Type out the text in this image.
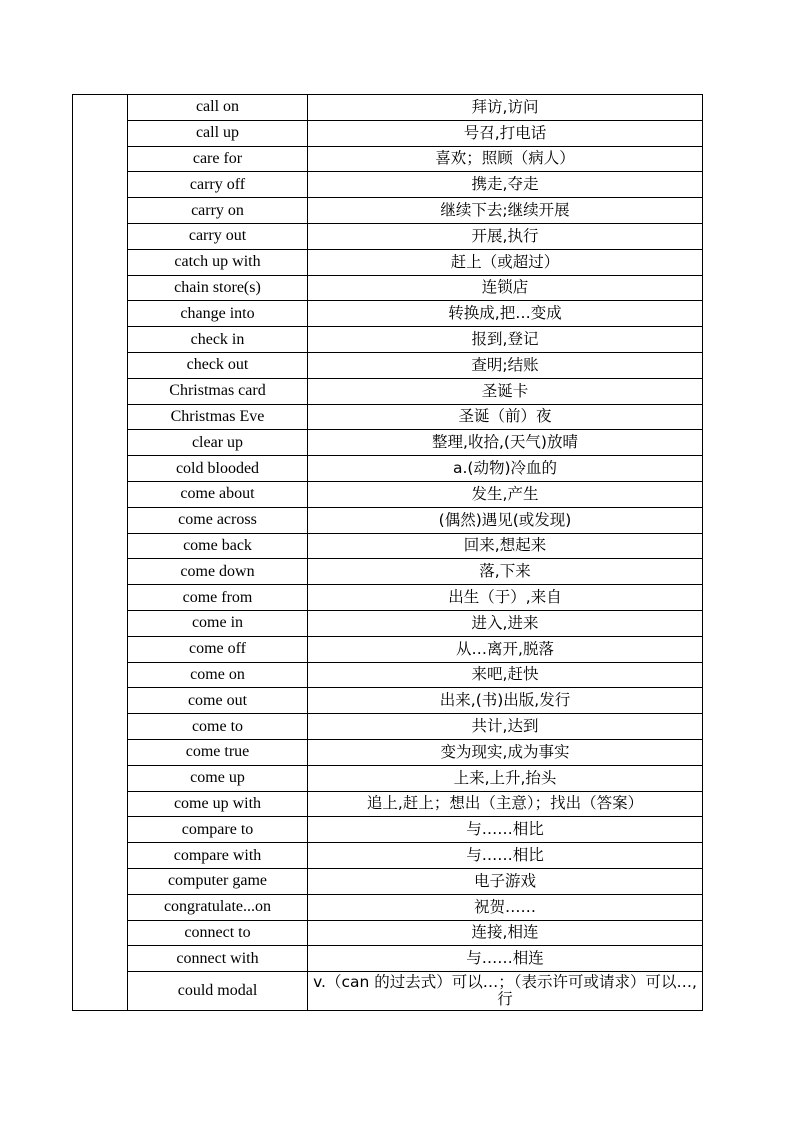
	call on	拜访,访问
	call up	号召,打电话
	care for	喜欢；照顾（病人）
	carry off	携走,夺走
	carry on	继续下去;继续开展
	carry out	开展,执行
	catch up with	赶上（或超过）
	chain store(s)	连锁店
	change into	转换成,把…变成
	check in	报到,登记
	check out	查明;结账
	Christmas card	圣诞卡
	Christmas Eve	圣诞（前）夜
	clear up	整理,收拾,(天气)放晴
	cold blooded	a.(动物)冷血的
	come about	发生,产生
	come across	(偶然)遇见(或发现)
	come back	回来,想起来
	come down	落,下来
	come from	出生（于）,来自
	come in	进入,进来
	come off	从…离开,脱落
	come on	来吧,赶快
	come out	出来,(书)出版,发行
	come to	共计,达到
	come true	变为现实,成为事实
	come up	上来,上升,抬头
	come up with	追上,赶上；想出（主意）；找出（答案）
	compare to	与……相比
	compare with	与……相比
	computer game	电子游戏
	congratulate...on	祝贺……
	connect to	连接,相连
	connect with	与……相连
	could modal	v.（can 的过去式）可以…；（表示许可或请求）可以…,行
